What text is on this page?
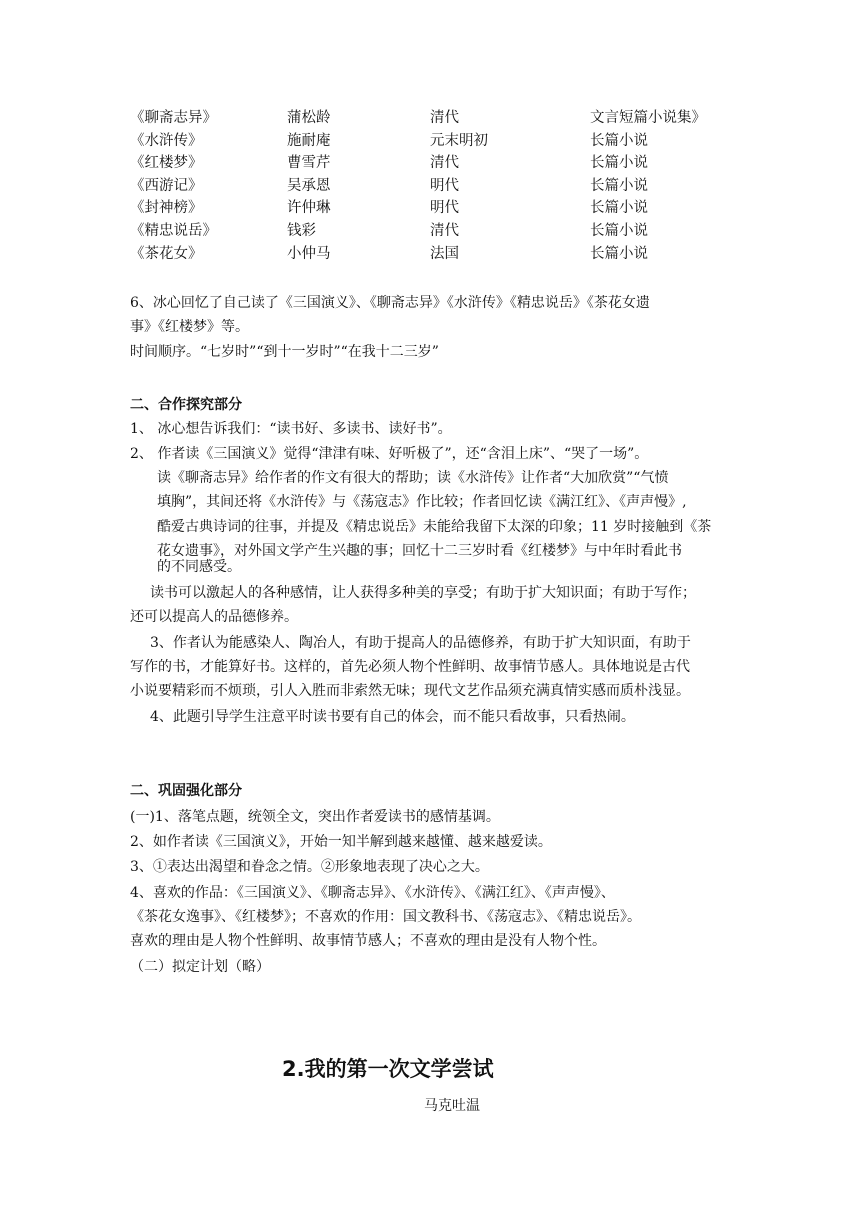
《聊斋志异》	蒲松龄	清代	文言短篇小说集》
《水浒传》	施耐庵	元末明初	长篇小说
《红楼梦》	曹雪芹	清代	长篇小说
《西游记》	吴承恩	明代	长篇小说
《封神榜》	许仲琳	明代	长篇小说
《精忠说岳》	钱彩	清代	长篇小说
《茶花女》	小仲马	法国	长篇小说
6、冰心回忆了自己读了《三国演义》、《聊斋志异》《水浒传》《精忠说岳》《茶花女遗
事》《红楼梦》等。
时间顺序。“七岁时”“到十一岁时”“在我十二三岁”
二、合作探究部分
1、 冰心想告诉我们：“读书好、多读书、读好书”。
2、 作者读《三国演义》觉得“津津有味、好听极了”，还“含泪上床”、“哭了一场”。
读《聊斋志异》给作者的作文有很大的帮助；读《水浒传》让作者“大加欣赏”“气愤
填胸”，其间还将《水浒传》与《荡寇志》作比较；作者回忆读《满江红》、《声声慢》,
酷爱古典诗词的往事，并提及《精忠说岳》未能给我留下太深的印象；11 岁时接触到《茶
花女遗事》，对外国文学产生兴趣的事；回忆十二三岁时看《红楼梦》与中年时看此书
的不同感受。
读书可以激起人的各种感情，让人获得多种美的享受；有助于扩大知识面；有助于写作；
还可以提高人的品德修养。
3、作者认为能感染人、陶冶人，有助于提高人的品德修养，有助于扩大知识面，有助于
写作的书，才能算好书。这样的，首先必须人物个性鲜明、故事情节感人。具体地说是古代
小说要精彩而不烦琐，引人入胜而非索然无味；现代文艺作品须充满真情实感而质朴浅显。
4、此题引导学生注意平时读书要有自己的体会，而不能只看故事，只看热闹。
二、巩固强化部分
(一)1、落笔点题，统领全文，突出作者爱读书的感情基调。
2、如作者读《三国演义》，开始一知半解到越来越懂、越来越爱读。
3、①表达出渴望和眷念之情。②形象地表现了决心之大。
4、喜欢的作品：《三国演义》、《聊斋志异》、《水浒传》、《满江红》、《声声慢》、
《茶花女逸事》、《红楼梦》；不喜欢的作用：国文教科书、《荡寇志》、《精忠说岳》。
喜欢的理由是人物个性鲜明、故事情节感人；不喜欢的理由是没有人物个性。
（二）拟定计划（略）
2.我的第一次文学尝试
马克吐温
